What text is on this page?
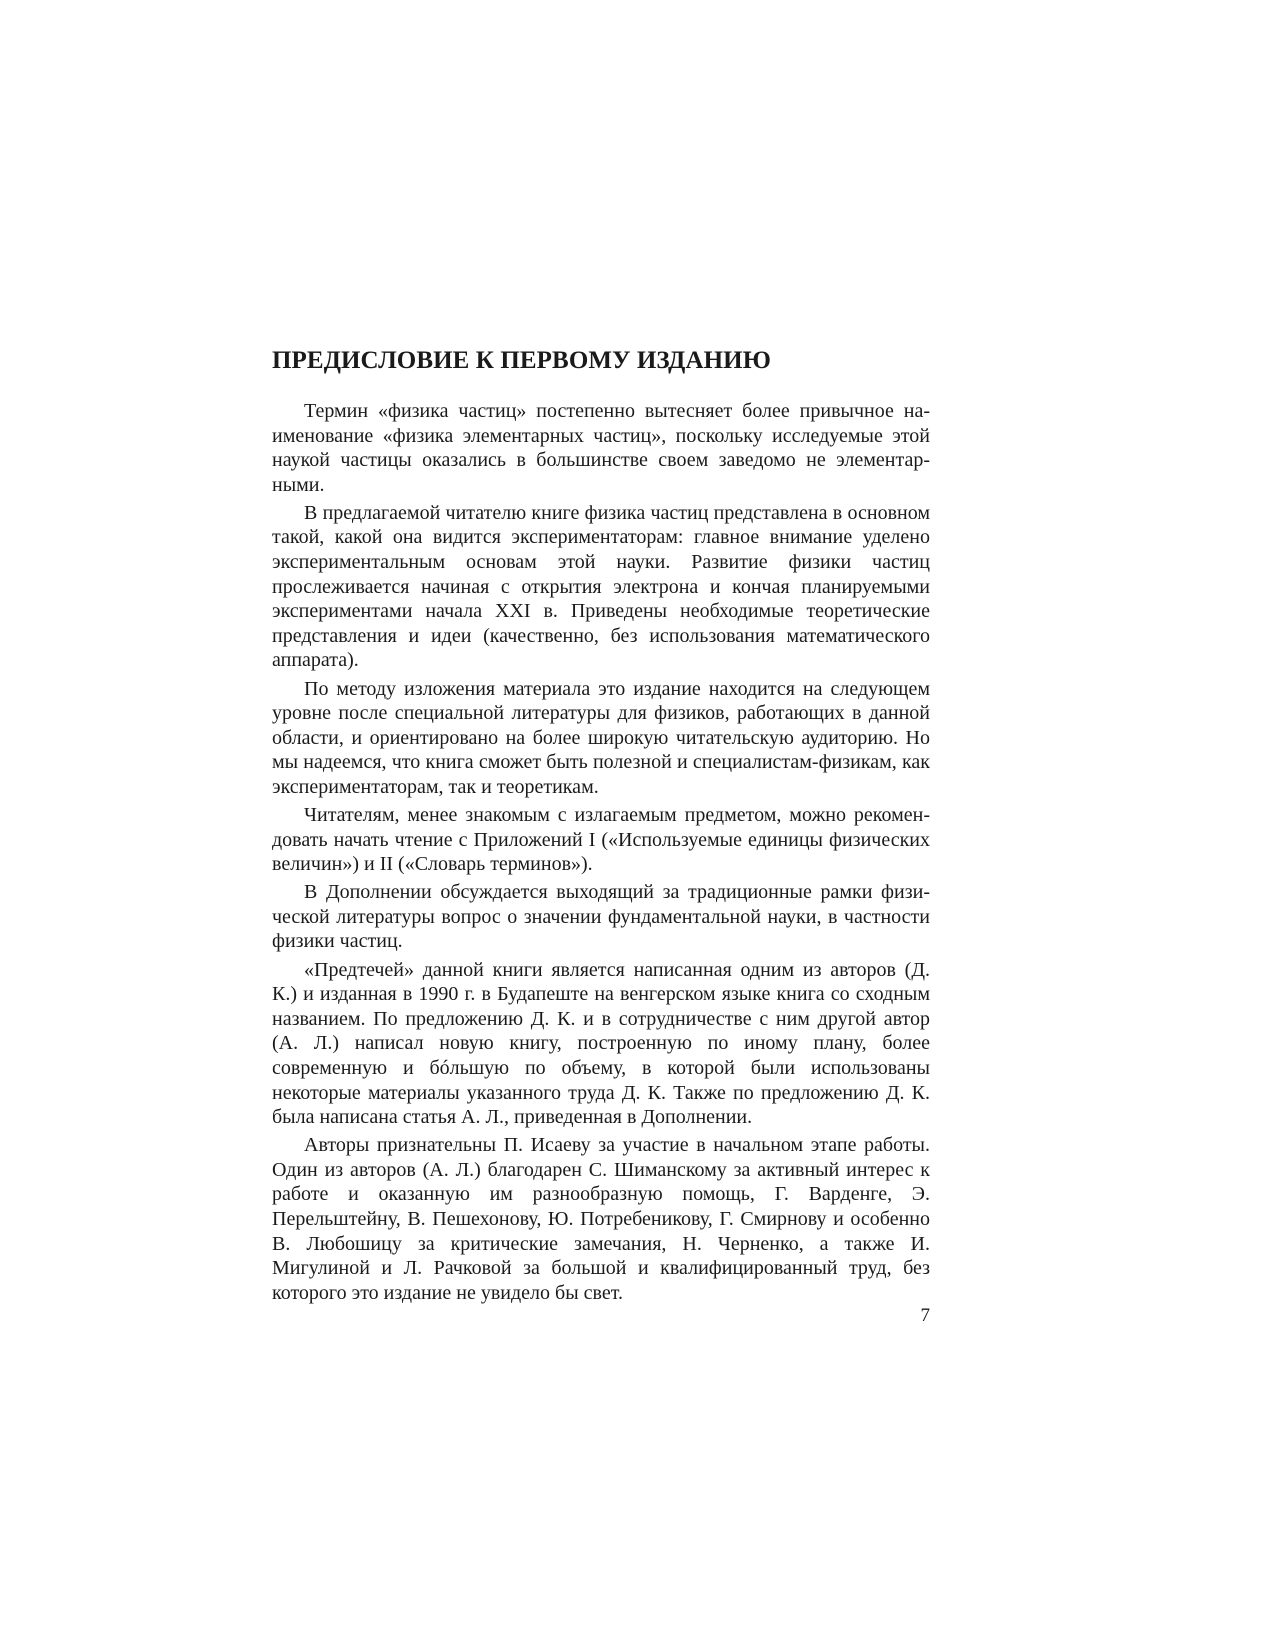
ПРЕДИСЛОВИЕ К ПЕРВОМУ ИЗДАНИЮ

Термин «физика частиц» постепенно вытесняет более привычное наименование «физика элементарных частиц», поскольку исследуемые этой наукой частицы оказались в большинстве своем заведомо не элементарными.

В предлагаемой читателю книге физика частиц представлена в основном такой, какой она видится экспериментаторам: главное внимание уделено экспериментальным основам этой науки. Развитие физики частиц прослеживается начиная с открытия электрона и кончая планируемыми экспериментами начала XXI в. Приведены необходимые теоретические представления и идеи (качественно, без использования математического аппарата).

По методу изложения материала это издание находится на следующем уровне после специальной литературы для физиков, работающих в данной области, и ориентировано на более широкую читательскую аудиторию. Но мы надеемся, что книга сможет быть полезной и специалистам-физикам, как экспериментаторам, так и теоретикам.

Читателям, менее знакомым с излагаемым предметом, можно рекомендовать начать чтение с Приложений I («Используемые единицы физических величин») и II («Словарь терминов»).

В Дополнении обсуждается выходящий за традиционные рамки физической литературы вопрос о значении фундаментальной науки, в частности физики частиц.

«Предтечей» данной книги является написанная одним из авторов (Д. К.) и изданная в 1990 г. в Будапеште на венгерском языке книга со сходным названием. По предложению Д. К. и в сотрудничестве с ним другой автор (А. Л.) написал новую книгу, построенную по иному плану, более современную и бóльшую по объему, в которой были использованы некоторые материалы указанного труда Д. К. Также по предложению Д. К. была написана статья А. Л., приведенная в Дополнении.

Авторы признательны П. Исаеву за участие в начальном этапе работы. Один из авторов (А. Л.) благодарен С. Шиманскому за активный интерес к работе и оказанную им разнообразную помощь, Г. Варденге, Э. Перельштейну, В. Пешехонову, Ю. Потребеникову, Г. Смирнову и особенно В. Любошицу за критические замечания, Н. Черненко, а также И. Мигулиной и Л. Рачковой за большой и квалифицированный труд, без которого это издание не увидело бы свет.

7
